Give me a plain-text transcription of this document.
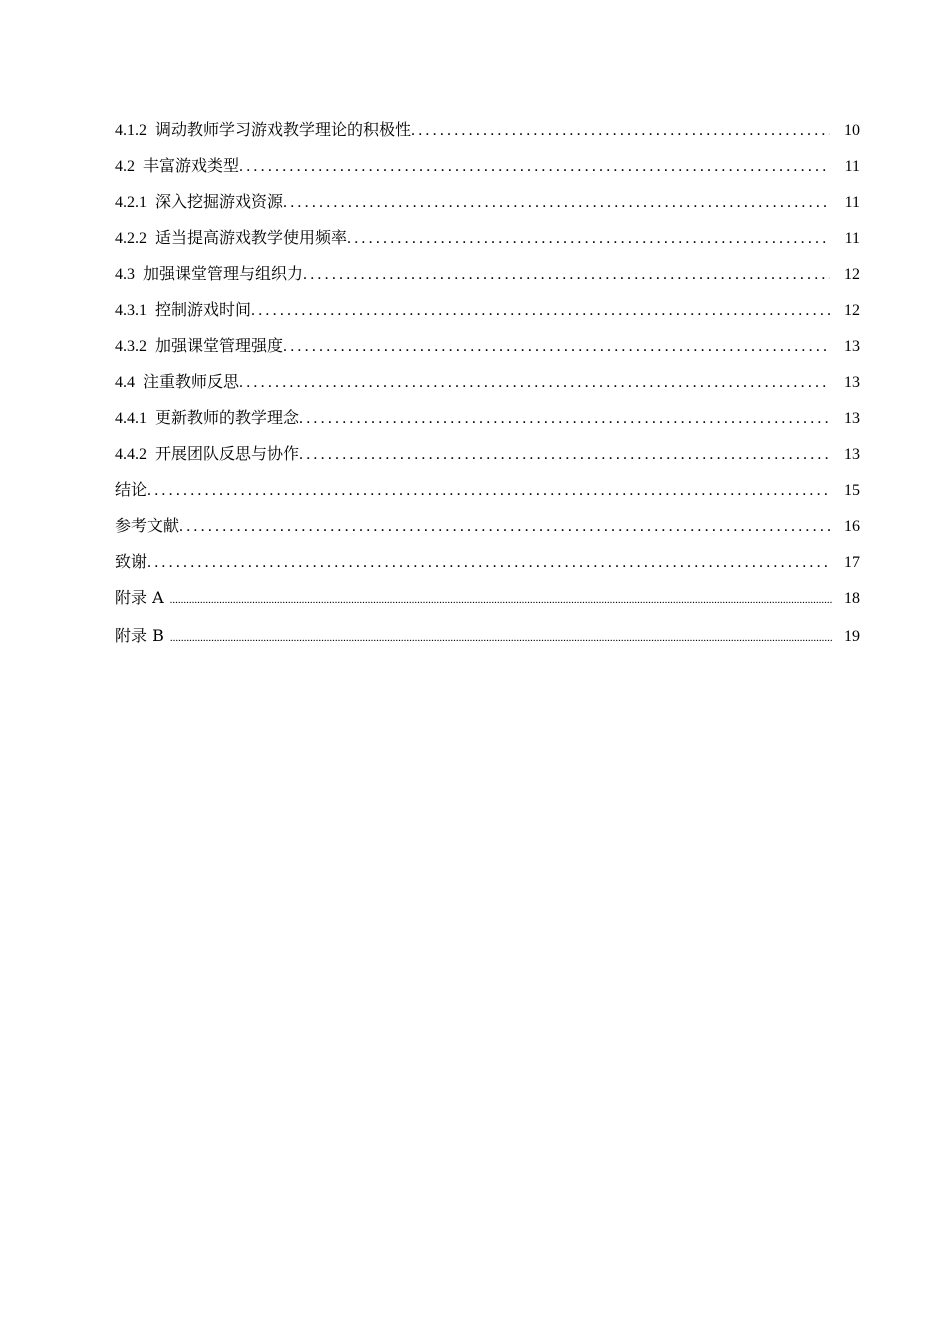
4.1.2 调动教师学习游戏教学理论的积极性 .....	10
4.2 丰富游戏类型 .....	11
4.2.1 深入挖掘游戏资源 .....	11
4.2.2 适当提高游戏教学使用频率 .....	11
4.3 加强课堂管理与组织力 .....	12
4.3.1 控制游戏时间 .....	12
4.3.2 加强课堂管理强度 .....	13
4.4 注重教师反思 .....	13
4.4.1 更新教师的教学理念 .....	13
4.4.2 开展团队反思与协作 .....	13
结论 .....	15
参考文献 .....	16
致谢 .....	17
附录 A .....	18
附录 B .....	19
